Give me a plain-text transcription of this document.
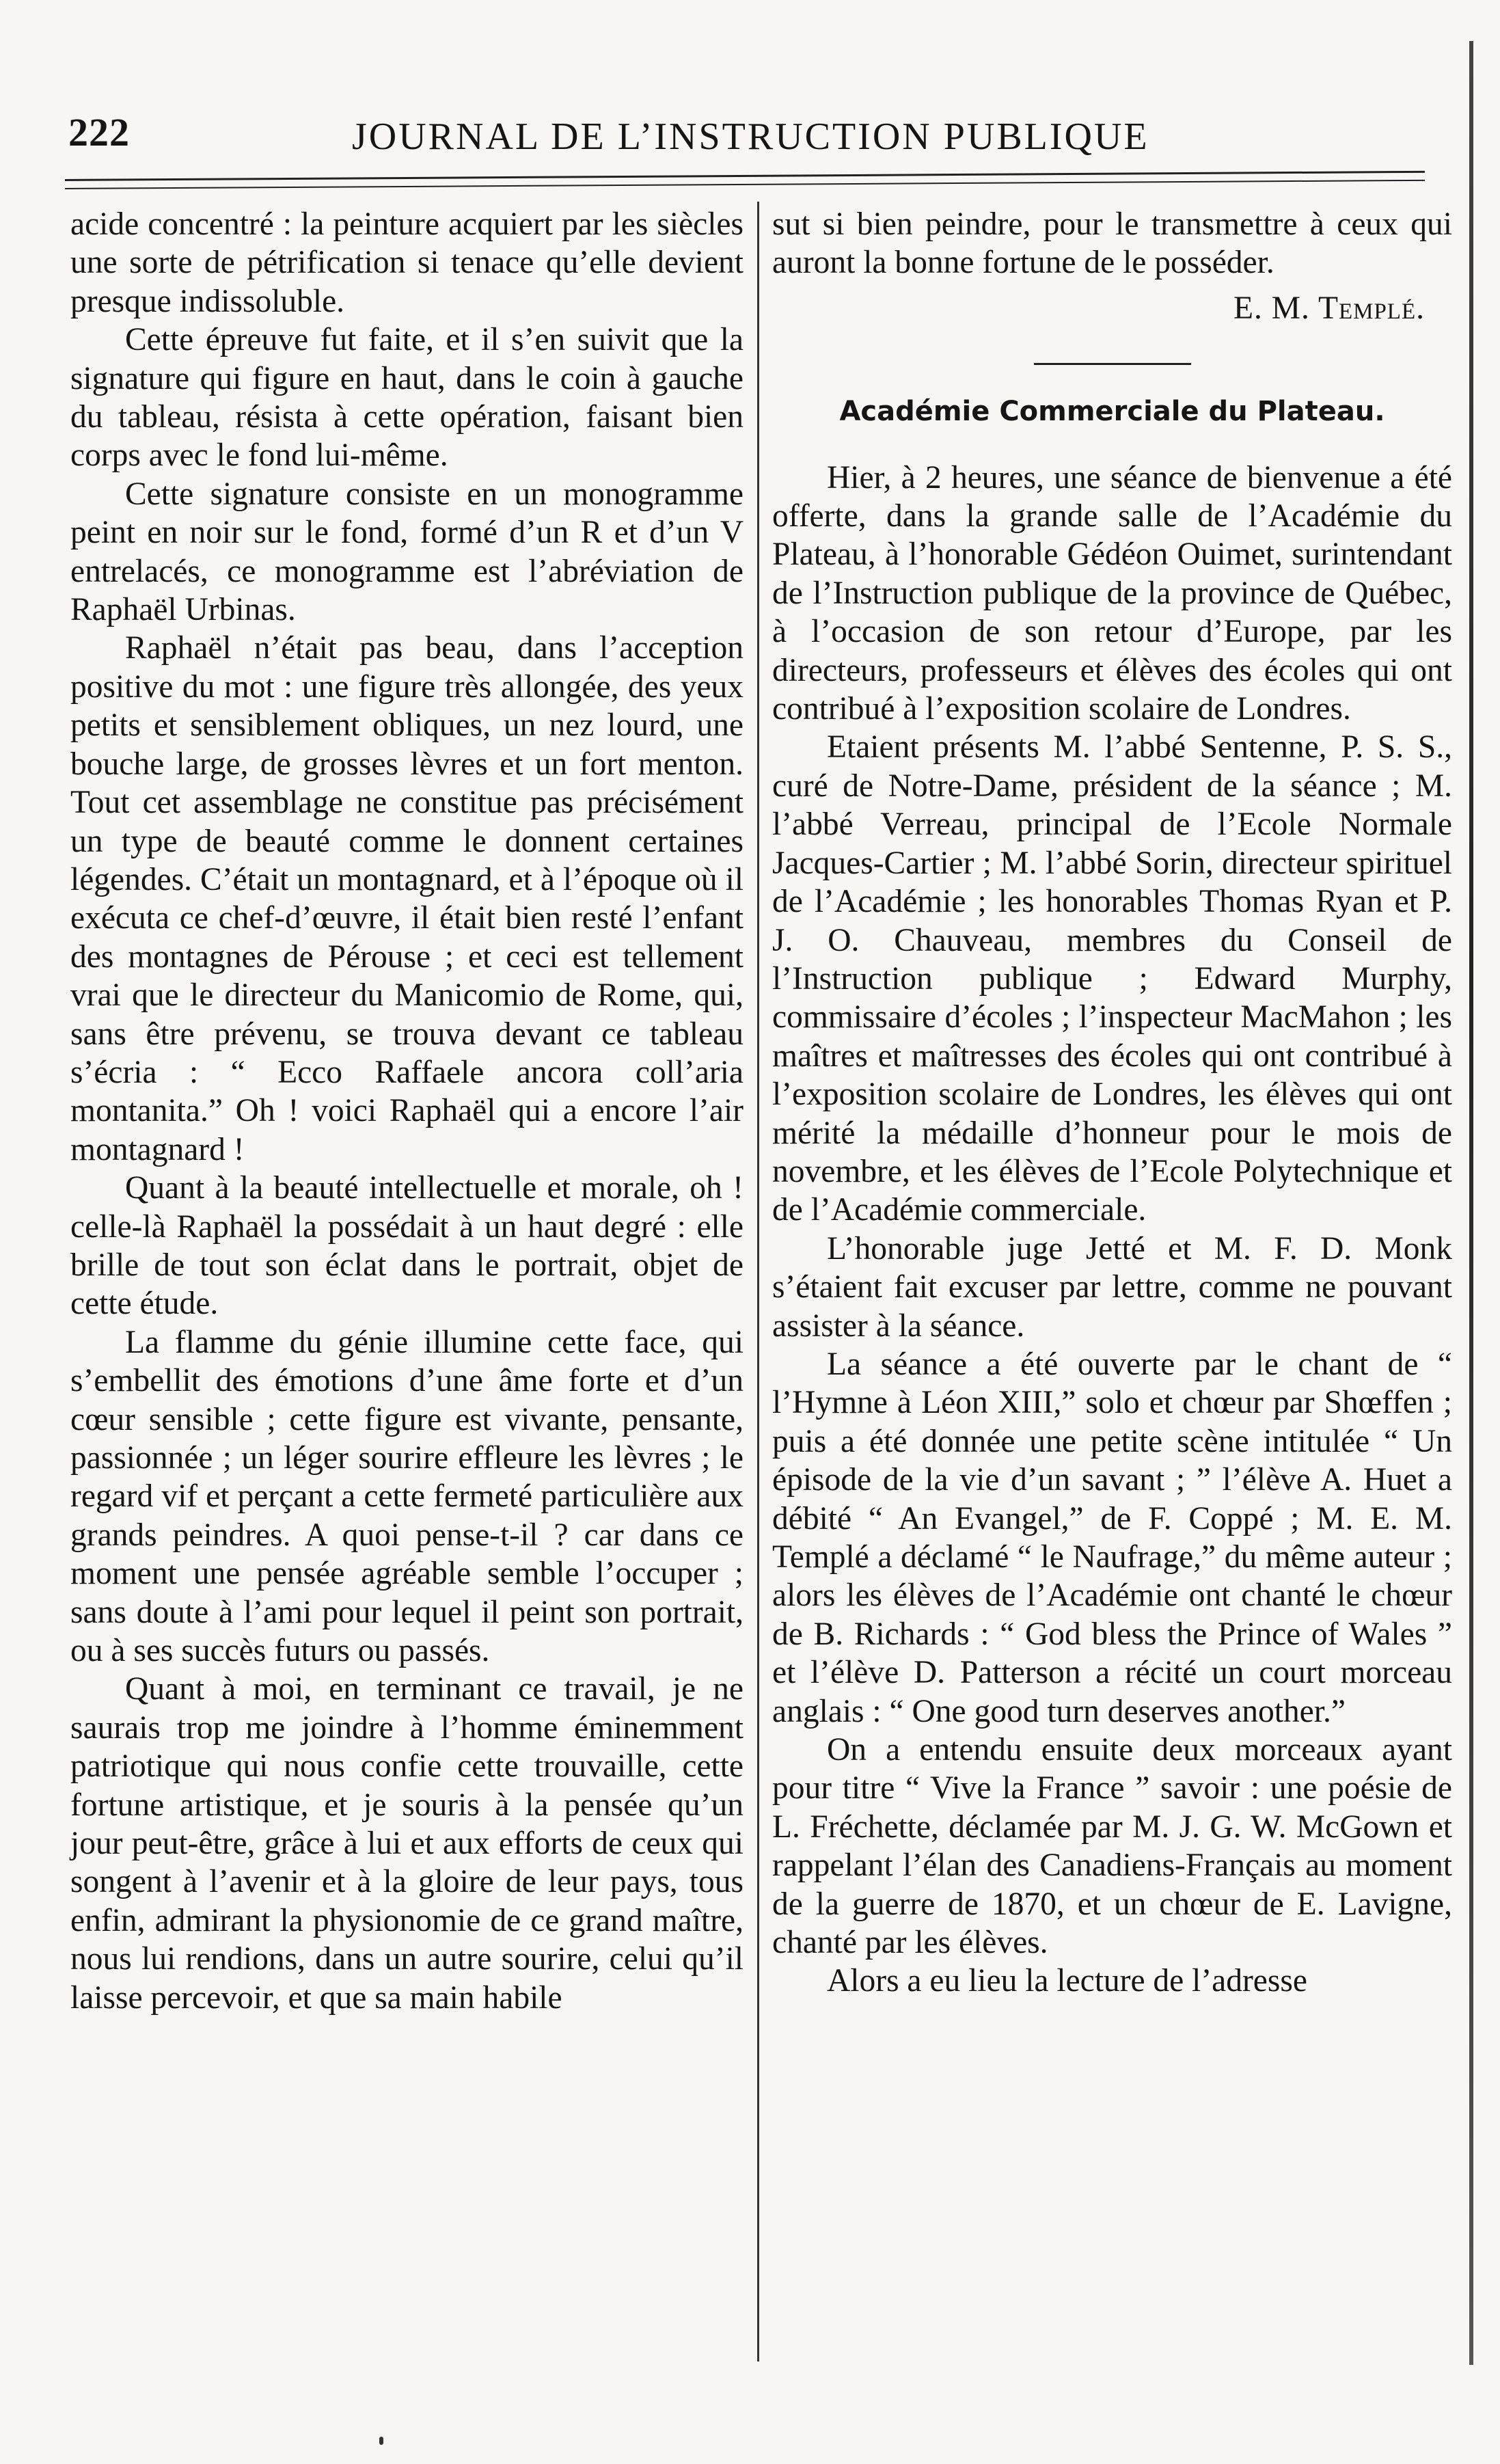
222	JOURNAL DE L’INSTRUCTION PUBLIQUE

acide concentré : la peinture acquiert par les siècles une sorte de pétrification si tenace qu’elle devient presque indissoluble.

Cette épreuve fut faite, et il s’en suivit que la signature qui figure en haut, dans le coin à gauche du tableau, résista à cette opération, faisant bien corps avec le fond lui-même.

Cette signature consiste en un monogramme peint en noir sur le fond, formé d’un R et d’un V entrelacés, ce monogramme est l’abréviation de Raphaël Urbinas.

Raphaël n’était pas beau, dans l’acception positive du mot : une figure très allongée, des yeux petits et sensiblement obliques, un nez lourd, une bouche large, de grosses lèvres et un fort menton. Tout cet assemblage ne constitue pas précisément un type de beauté comme le donnent certaines légendes. C’était un montagnard, et à l’époque où il exécuta ce chef-d’œuvre, il était bien resté l’enfant des montagnes de Pérouse ; et ceci est tellement vrai que le directeur du Manicomio de Rome, qui, sans être prévenu, se trouva devant ce tableau s’écria : “ Ecco Raffaele ancora coll’aria montanita.” Oh ! voici Raphaël qui a encore l’air montagnard !

Quant à la beauté intellectuelle et morale, oh ! celle-là Raphaël la possédait à un haut degré : elle brille de tout son éclat dans le portrait, objet de cette étude.

La flamme du génie illumine cette face, qui s’embellit des émotions d’une âme forte et d’un cœur sensible ; cette figure est vivante, pensante, passionnée ; un léger sourire effleure les lèvres ; le regard vif et perçant a cette fermeté particulière aux grands peindres. A quoi pense-t-il ? car dans ce moment une pensée agréable semble l’occuper ; sans doute à l’ami pour lequel il peint son portrait, ou à ses succès futurs ou passés.

Quant à moi, en terminant ce travail, je ne saurais trop me joindre à l’homme éminemment patriotique qui nous confie cette trouvaille, cette fortune artistique, et je souris à la pensée qu’un jour peut-être, grâce à lui et aux efforts de ceux qui songent à l’avenir et à la gloire de leur pays, tous enfin, admirant la physionomie de ce grand maître, nous lui rendions, dans un autre sourire, celui qu’il laisse percevoir, et que sa main habile

sut si bien peindre, pour le transmettre à ceux qui auront la bonne fortune de le posséder.

E. M. Templé.
Académie Commerciale du Plateau.

Hier, à 2 heures, une séance de bienvenue a été offerte, dans la grande salle de l’Académie du Plateau, à l’honorable Gédéon Ouimet, surintendant de l’Instruction publique de la province de Québec, à l’occasion de son retour d’Europe, par les directeurs, professeurs et élèves des écoles qui ont contribué à l’exposition scolaire de Londres.

Etaient présents M. l’abbé Sentenne, P. S. S., curé de Notre-Dame, président de la séance ; M. l’abbé Verreau, principal de l’Ecole Normale Jacques-Cartier ; M. l’abbé Sorin, directeur spirituel de l’Académie ; les honorables Thomas Ryan et P. J. O. Chauveau, membres du Conseil de l’Instruction publique ; Edward Murphy, commissaire d’écoles ; l’inspecteur MacMahon ; les maîtres et maîtresses des écoles qui ont contribué à l’exposition scolaire de Londres, les élèves qui ont mérité la médaille d’honneur pour le mois de novembre, et les élèves de l’Ecole Polytechnique et de l’Académie commerciale.

L’honorable juge Jetté et M. F. D. Monk s’étaient fait excuser par lettre, comme ne pouvant assister à la séance.

La séance a été ouverte par le chant de “ l’Hymne à Léon XIII,” solo et chœur par Shœffen ; puis a été donnée une petite scène intitulée “ Un épisode de la vie d’un savant ; ” l’élève A. Huet a débité “ An Evangel,” de F. Coppé ; M. E. M. Templé a déclamé “ le Naufrage,” du même auteur ; alors les élèves de l’Académie ont chanté le chœur de B. Richards : “ God bless the Prince of Wales ” et l’élève D. Patterson a récité un court morceau anglais : “ One good turn deserves another.”

On a entendu ensuite deux morceaux ayant pour titre “ Vive la France ” savoir : une poésie de L. Fréchette, déclamée par M. J. G. W. McGown et rappelant l’élan des Canadiens-Français au moment de la guerre de 1870, et un chœur de E. Lavigne, chanté par les élèves.

Alors a eu lieu la lecture de l’adresse
